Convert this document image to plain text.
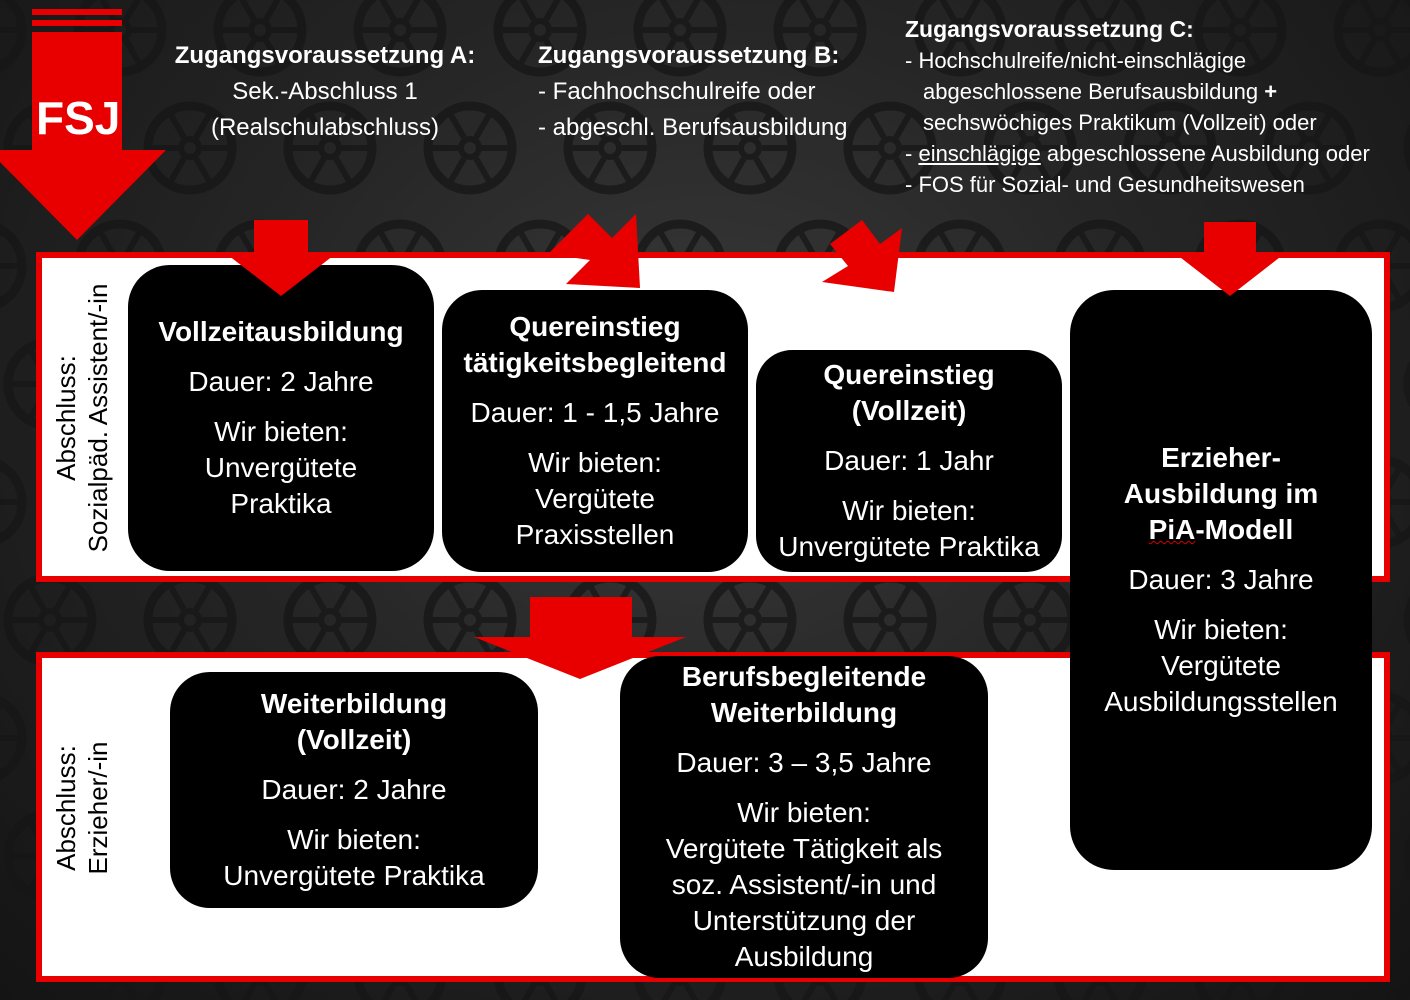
FSJ
Zugangsvoraussetzung A:
Sek.-Abschluss 1
(Realschulabschluss)
Zugangsvoraussetzung B:
- Fachhochschulreife oder
- abgeschl. Berufsausbildung
Zugangsvoraussetzung C:
- Hochschulreife/nicht-einschlägige
abgeschlossene Berufsausbildung +
sechswöchiges Praktikum (Vollzeit) oder
- einschlägige abgeschlossene Ausbildung oder
- FOS für Sozial- und Gesundheitswesen
Abschluss: Sozialpäd. Assistent/-in
Abschluss: Erzieher/-in
Vollzeitausbildung
Dauer: 2 Jahre
Wir bieten:
Unvergütete
Praktika
Quereinstieg
tätigkeitsbegleitend
Dauer: 1 - 1,5 Jahre
Wir bieten:
Vergütete
Praxisstellen
Quereinstieg
(Vollzeit)
Dauer: 1 Jahr
Wir bieten:
Unvergütete Praktika
Erzieher-
Ausbildung im
PiA-Modell
Dauer: 3 Jahre
Wir bieten:
Vergütete
Ausbildungsstellen
Weiterbildung
(Vollzeit)
Dauer: 2 Jahre
Wir bieten:
Unvergütete Praktika
Berufsbegleitende
Weiterbildung
Dauer: 3 – 3,5 Jahre
Wir bieten:
Vergütete Tätigkeit als
soz. Assistent/-in und
Unterstützung der
Ausbildung
